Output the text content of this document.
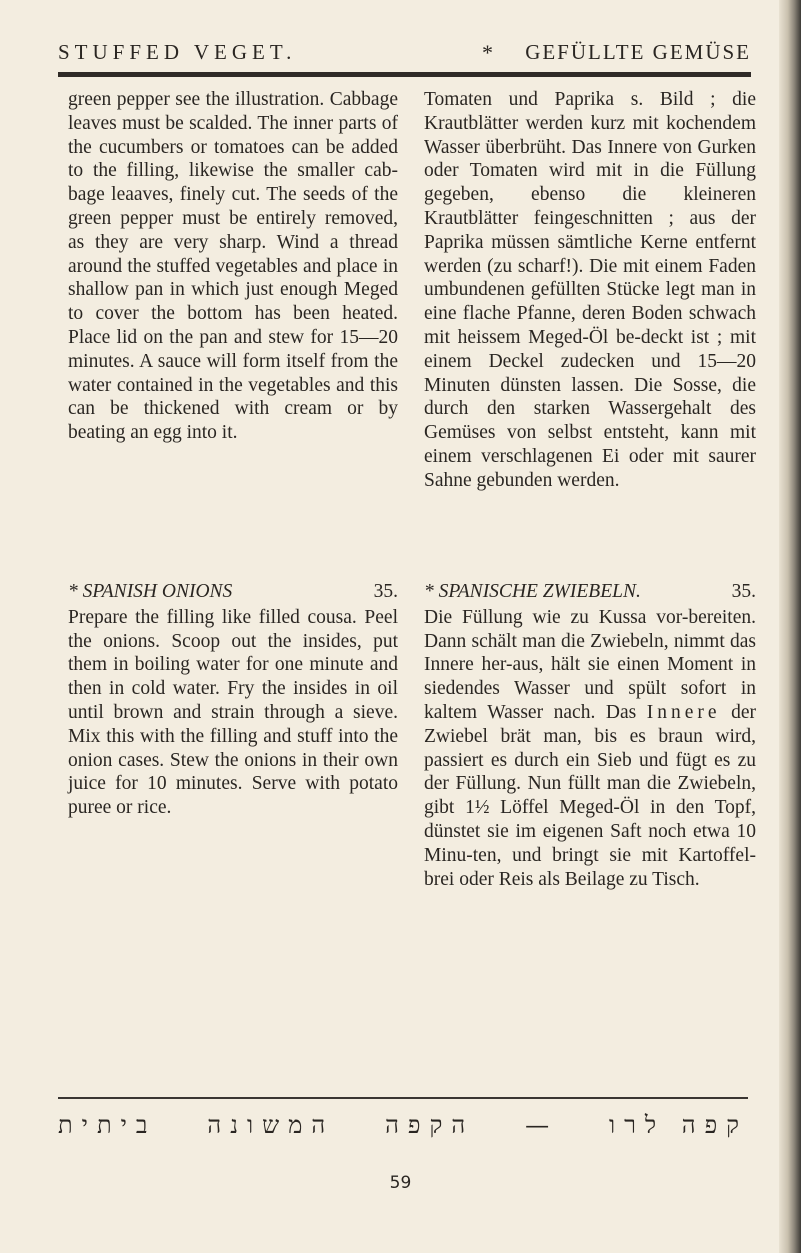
STUFFED VEGET.	* GEFÜLLTE GEMÜSE

green pepper see the illustration. Cabbage leaves must be scalded. The inner parts of the cucumbers or tomatoes can be added to the filling, likewise the smaller cab-bage leaaves, finely cut. The seeds of the green pepper must be entirely removed, as they are very sharp. Wind a thread around the stuffed vegetables and place in shallow pan in which just enough Meged to cover the bottom has been heated. Place lid on the pan and stew for 15—20 minutes. A sauce will form itself from the water contained in the vegetables and this can be thickened with cream or by beating an egg into it.

Tomaten und Paprika s. Bild ; die Krautblätter werden kurz mit kochendem Wasser überbrüht. Das Innere von Gurken oder Tomaten wird mit in die Füllung gegeben, ebenso die kleineren Krautblätter feingeschnitten ; aus der Paprika müssen sämtliche Kerne entfernt werden (zu scharf!). Die mit einem Faden umbundenen gefüllten Stücke legt man in eine flache Pfanne, deren Boden schwach mit heissem Meged-Öl be-deckt ist ; mit einem Deckel zudecken und 15—20 Minuten dünsten lassen. Die Sosse, die durch den starken Wassergehalt des Gemüses von selbst entsteht, kann mit einem verschlagenen Ei oder mit saurer Sahne gebunden werden.

* SPANISH ONIONS	35.

Prepare the filling like filled cousa. Peel the onions. Scoop out the insides, put them in boiling water for one minute and then in cold water. Fry the insides in oil until brown and strain through a sieve. Mix this with the filling and stuff into the onion cases. Stew the onions in their own juice for 10 minutes. Serve with potato puree or rice.

* SPANISCHE ZWIEBELN.	35.

Die Füllung wie zu Kussa vor-bereiten. Dann schält man die Zwiebeln, nimmt das Innere her-aus, hält sie einen Moment in siedendes Wasser und spült sofort in kaltem Wasser nach. Das Innere der Zwiebel brät man, bis es braun wird, passiert es durch ein Sieb und fügt es zu der Füllung. Nun füllt man die Zwiebeln, gibt 1½ Löffel Meged-Öl in den Topf, dünstet sie im eigenen Saft noch etwa 10 Minu-ten, und bringt sie mit Kartoffel-brei oder Reis als Beilage zu Tisch.

קפה לרו
—
הקפה
המשונה
ביתית
59
